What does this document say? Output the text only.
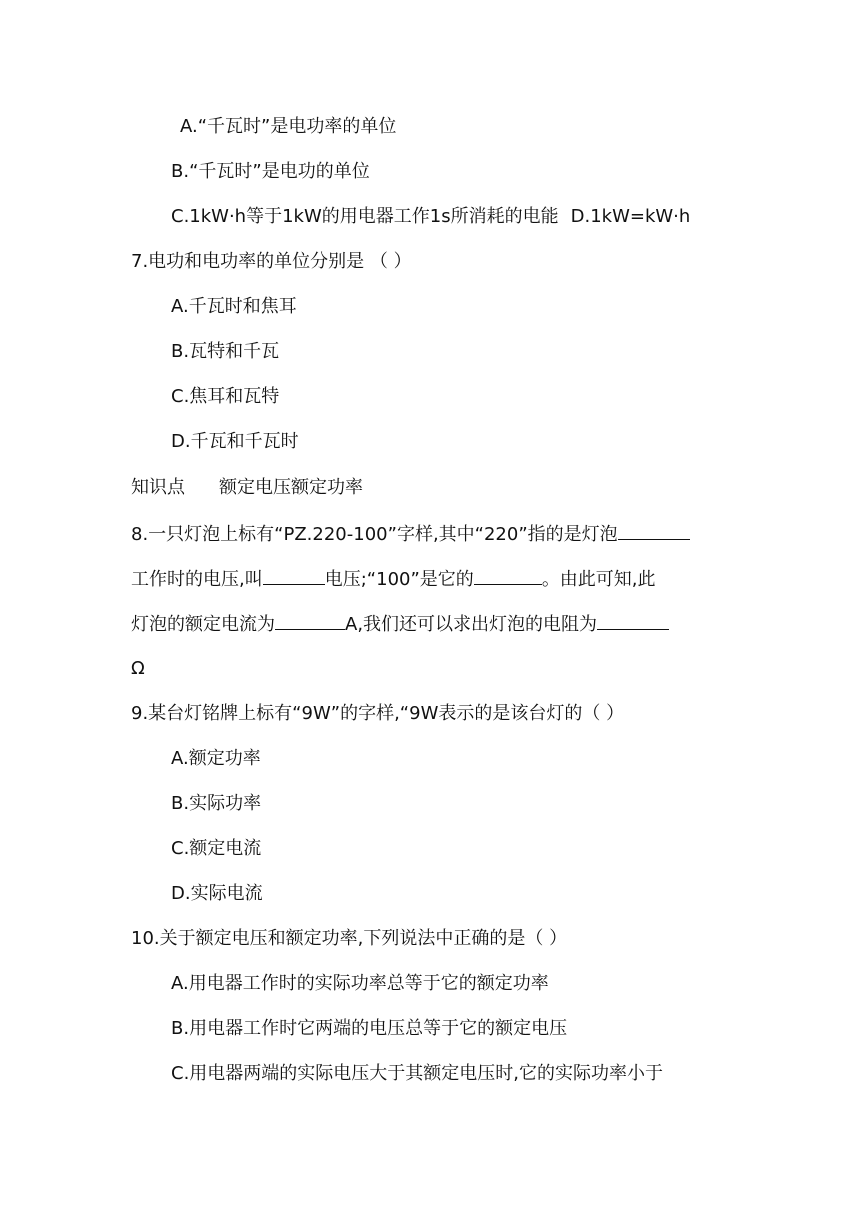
A.“千瓦时”是电功率的单位
B.“千瓦时”是电功的单位
C.1kW·h等于1kW的用电器工作1s所消耗的电能 D.1kW=kW·h
7.电功和电功率的单位分别是 （ ）
A.千瓦时和焦耳
B.瓦特和千瓦
C.焦耳和瓦特
D.千瓦和千瓦时
知识点 额定电压额定功率
8.一只灯泡上标有“PZ.220-100”字样,其中“220”指的是灯泡
工作时的电压,叫	电压;“100”是它的	。由此可知,此
灯泡的额定电流为	A,我们还可以求出灯泡的电阻为
Ω
9.某台灯铭牌上标有“9W”的字样,“9W表示的是该台灯的（ ）
A.额定功率
B.实际功率
C.额定电流
D.实际电流
10.关于额定电压和额定功率,下列说法中正确的是（ ）
A.用电器工作时的实际功率总等于它的额定功率
B.用电器工作时它两端的电压总等于它的额定电压
C.用电器两端的实际电压大于其额定电压时,它的实际功率小于
